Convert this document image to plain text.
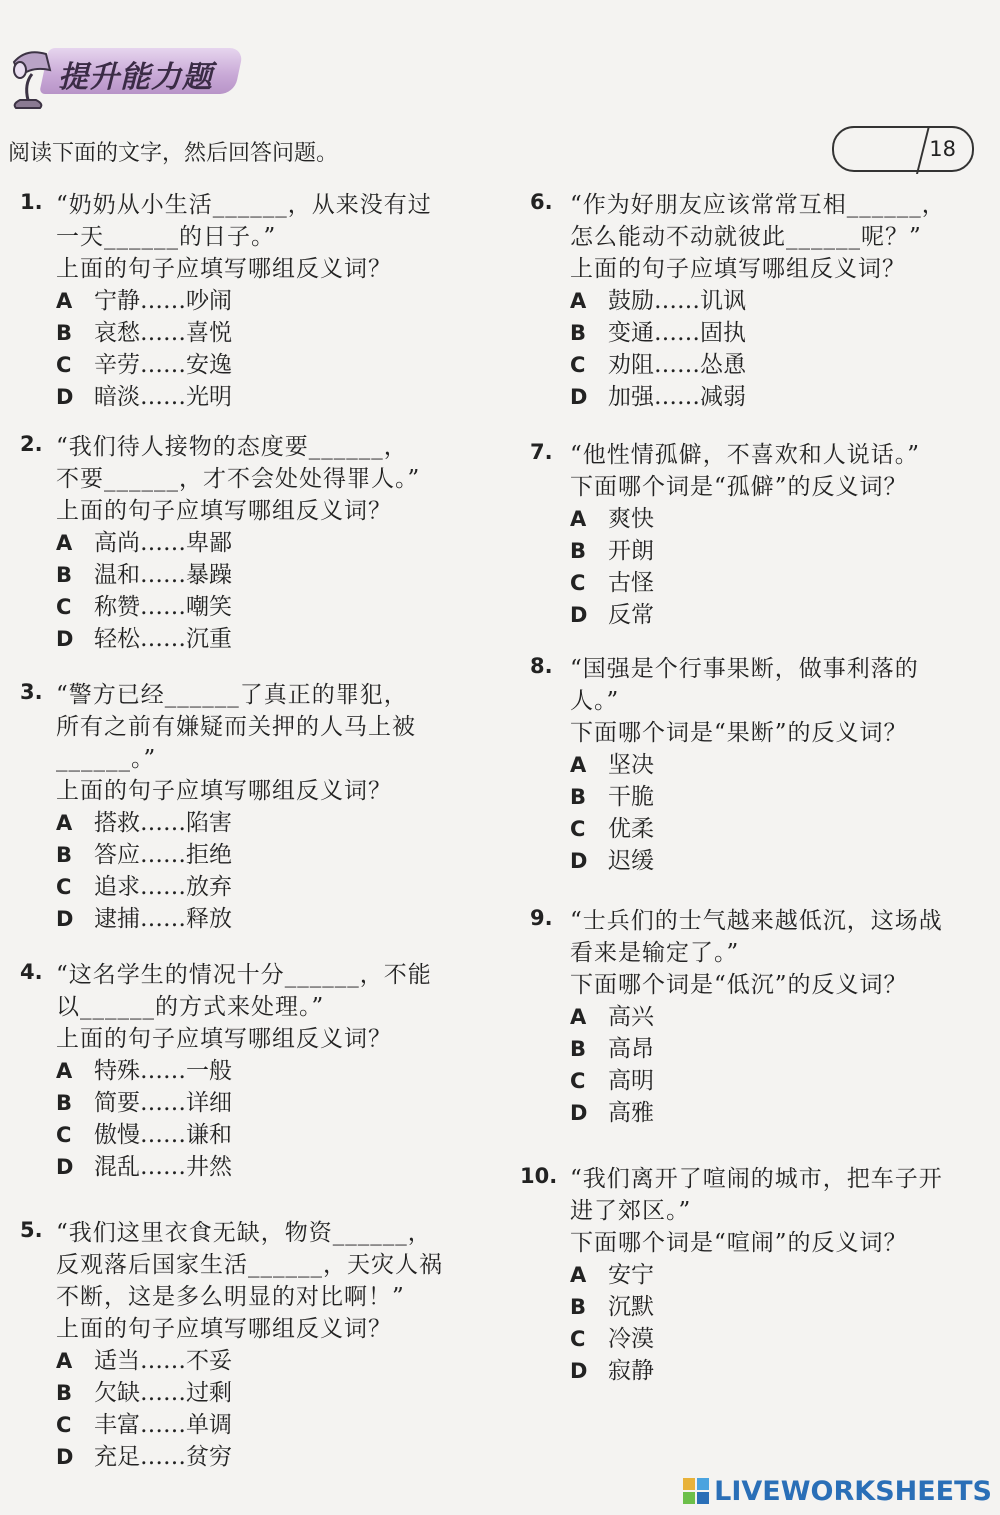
提升能力题
阅读下面的文字，然后回答问题。	18
1. “奶奶从小生活______，从来没有过
一天______的日子。”
上面的句子应填写哪组反义词？
A 宁静……吵闹
B 哀愁……喜悦
C 辛劳……安逸
D 暗淡……光明
2. “我们待人接物的态度要______，
不要______，才不会处处得罪人。”
上面的句子应填写哪组反义词？
A 高尚……卑鄙
B 温和……暴躁
C 称赞……嘲笑
D 轻松……沉重
3. “警方已经______了真正的罪犯，
所有之前有嫌疑而关押的人马上被
______。”
上面的句子应填写哪组反义词？
A 搭救……陷害
B 答应……拒绝
C 追求……放弃
D 逮捕……释放
4. “这名学生的情况十分______，不能
以______的方式来处理。”
上面的句子应填写哪组反义词？
A 特殊……一般
B 简要……详细
C 傲慢……谦和
D 混乱……井然
5. “我们这里衣食无缺，物资______，
反观落后国家生活______，天灾人祸
不断，这是多么明显的对比啊！”
上面的句子应填写哪组反义词？
A 适当……不妥
B 欠缺……过剩
C 丰富……单调
D 充足……贫穷
6. “作为好朋友应该常常互相______，
怎么能动不动就彼此______呢？”
上面的句子应填写哪组反义词？
A 鼓励……讥讽
B 变通……固执
C 劝阻……怂恿
D 加强……减弱
7. “他性情孤僻，不喜欢和人说话。”
下面哪个词是“孤僻”的反义词？
A 爽快
B 开朗
C 古怪
D 反常
8. “国强是个行事果断，做事利落的
人。”
下面哪个词是“果断”的反义词？
A 坚决
B 干脆
C 优柔
D 迟缓
9. “士兵们的士气越来越低沉，这场战
看来是输定了。”
下面哪个词是“低沉”的反义词？
A 高兴
B 高昂
C 高明
D 高雅
10. “我们离开了喧闹的城市，把车子开
进了郊区。”
下面哪个词是“喧闹”的反义词？
A 安宁
B 沉默
C 冷漠
D 寂静
LIVEWORKSHEETS
